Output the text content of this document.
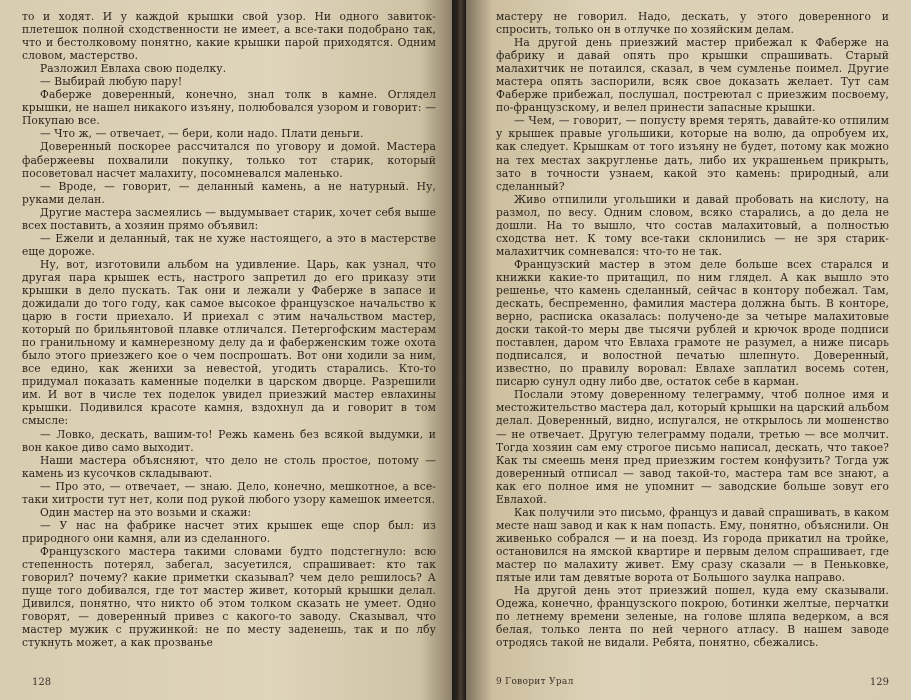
то и ходят. И у каждой крышки свой узор. Ни одного завиток-плетешок полной сходственности не имеет, а все-таки подобрано так, что и бестолковому понятно, какие крышки парой приходятся. Одним словом, мастерство.

Разложил Евлаха свою поделку.

— Выбирай любую пару!

Фаберже доверенный, конечно, знал толк в камне. Оглядел крышки, не нашел никакого изъяну, полюбовался узором и говорит: — Покупаю все.

— Что ж, — отвечает, — бери, коли надо. Плати деньги.

Доверенный поскорее рассчитался по уговору и домой. Мастера фабержеевы похвалили покупку, только тот старик, который посоветовал насчет малахиту, посомневался маленько.

— Вроде, — говорит, — деланный камень, а не натурный. Ну, руками делан.

Другие мастера засмеялись — выдумывает старик, хочет себя выше всех поставить, а хозяин прямо объявил:

— Ежели и деланный, так не хуже настоящего, а это в мастерстве еще дороже.

Ну, вот, изготовили альбом на удивление. Царь, как узнал, что другая пара крышек есть, настрого запретил до его приказу эти крышки в дело пускать. Так они и лежали у Фаберже в запасе и дожидали до того году, как самое высокое французское начальство к царю в гости приехало. И приехал с этим начальством мастер, который по брильянтовой плавке отличался. Петергофским мастерам по гранильному и камнерезному делу да и фаберженским тоже охота было этого приезжего кое о чем поспрошать. Вот они ходили за ним, все едино, как женихи за невестой, угодить старались. Кто-то придумал показать каменные поделки в царском дворце. Разрешили им. И вот в числе тех поделок увидел приезжий мастер евлахины крышки. Подивился красоте камня, вздохнул да и говорит в том смысле:

— Ловко, дескать, вашим-то! Режь камень без всякой выдумки, и вон какое диво само выходит.

Наши мастера объясняют, что дело не столь простое, потому — камень из кусочков складывают.

— Про это, — отвечает, — знаю. Дело, конечно, мешкотное, а все-таки хитрости тут нет, коли под рукой любого узору камешок имеется.

Один мастер на это возьми и скажи:

— У нас на фабрике насчет этих крышек еще спор был: из природного они камня, али из сделанного.

Французского мастера такими словами будто подстегнуло: всю степенность потерял, забегал, засуетился, спрашивает: кто так говорил? почему? какие приметки сказывал? чем дело решилось? А пуще того добивался, где тот мастер живет, который крышки делал. Дивился, понятно, что никто об этом толком сказать не умеет. Одно говорят, — доверенный привез с какого-то заводу. Сказывал, что мастер мужик с пружинкой: не по месту заденешь, так и по лбу стукнуть может, а как прозванье

128

мастеру не говорил. Надо, дескать, у этого доверенного и спросить, только он в отлучке по хозяйским делам.

На другой день приезжий мастер прибежал к Фаберже на фабрику и давай опять про крышки спрашивать. Старый малахитчик не потаился, сказал, в чем сумленье поимел. Другие мастера опять заспорили, всяк свое доказать желает. Тут сам Фаберже прибежал, послушал, постреютал с приезжим посвоему, по-французскому, и велел принести запасные крышки.

— Чем, — говорит, — попусту время терять, давайте-ко отпилим у крышек правые угольшики, которые на волю, да опробуем их, как следует. Крышкам от того изъяну не будет, потому как можно на тех местах закругленье дать, либо их украшеньем прикрыть, зато в точности узнаем, какой это камень: природный, али сделанный?

Живо отпилили угольшики и давай пробовать на кислоту, на размол, по весу. Одним словом, всяко старались, а до дела не дошли. На то вышло, что состав малахитовый, а полностью сходства нет. К тому все-таки склонились — не зря старик-малахитчик сомневался: что-то не так.

Французский мастер в этом деле больше всех старался и книжки какие-то притащил, по ним глядел. А как вышло это решенье, что камень сделанный, сейчас в контору побежал. Там, дескать, беспременно, фамилия мастера должна быть. В конторе, верно, расписка оказалась: получено-де за четыре малахитовые доски такой-то меры две тысячи рублей и крючок вроде подписи поставлен, даром что Евлаха грамоте не разумел, а ниже писарь подписался, и волостной печатью шлепнуто. Доверенный, известно, по правилу воровал: Евлахе заплатил восемь сотен, писарю сунул одну либо две, остаток себе в карман.

Послали этому доверенному телеграмму, чтоб полное имя и местожительство мастера дал, который крышки на царский альбом делал. Доверенный, видно, испугался, не открылось ли мошенство — не отвечает. Другую телеграмму подали, третью — все молчит. Тогда хозяин сам ему строгое письмо написал, дескать, что такое? Как ты смеешь меня пред приезжим гостем конфузить? Тогда уж доверенный отписал — завод такой-то, мастера там все знают, а как его полное имя не упомнит — заводские больше зовут его Евлахой.

Как получили это письмо, француз и давай спрашивать, в каком месте наш завод и как к нам попасть. Ему, понятно, объяснили. Он живенько собрался — и на поезд. Из города прикатил на тройке, остановился на ямской квартире и первым делом спрашивает, где мастер по малахиту живет. Ему сразу сказали — в Пеньковке, пятые или там девятые ворота от Большого заулка направо.

На другой день этот приезжий пошел, куда ему сказывали. Одежа, конечно, французского покрою, ботинки желтые, перчатки по летнему времени зеленые, на голове шляпа ведерком, а вся белая, только лента по ней черного атласу. В нашем заводе отродясь такой не видали. Ребята, понятно, сбежались.

9 Говорит Урал	129
